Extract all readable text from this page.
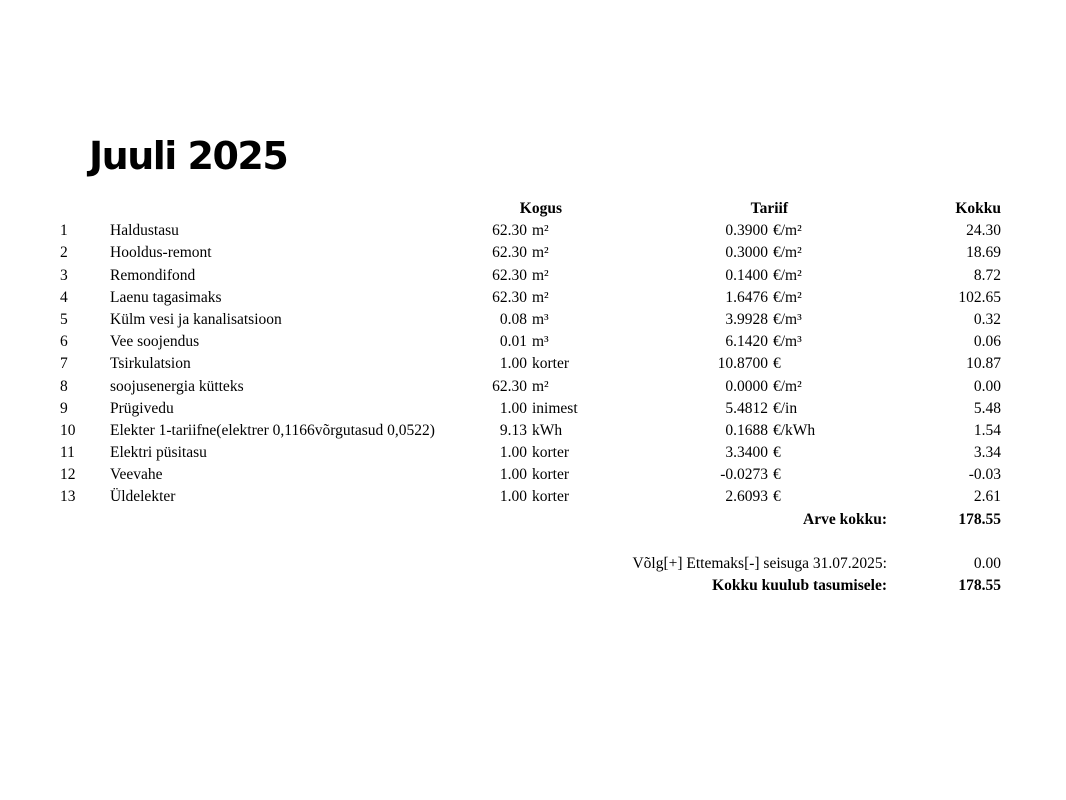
Juuli 2025
Kogus	Tariif	Kokku
1	Haldustasu	62.30 m²	0.3900 €/m²	24.30
2	Hooldus-remont	62.30 m²	0.3000 €/m²	18.69
3	Remondifond	62.30 m²	0.1400 €/m²	8.72
4	Laenu tagasimaks	62.30 m²	1.6476 €/m²	102.65
5	Külm vesi ja kanalisatsioon	0.08 m³	3.9928 €/m³	0.32
6	Vee soojendus	0.01 m³	6.1420 €/m³	0.06
7	Tsirkulatsion	1.00 korter	10.8700 €	10.87
8	soojusenergia kütteks	62.30 m²	0.0000 €/m²	0.00
9	Prügivedu	1.00 inimest	5.4812 €/in	5.48
10 Elekter 1-tariifne(elektrer 0,1166võrgutasud 0,0522)	9.13 kWh	0.1688 €/kWh	1.54
11 Elektri püsitasu	1.00 korter	3.3400 €	3.34
12 Veevahe	1.00 korter	-0.0273 €	-0.03
13 Üldelekter	1.00 korter	2.6093 €	2.61
Arve kokku:	178.55
Võlg[+] Ettemaks[-] seisuga 31.07.2025:	0.00
Kokku kuulub tasumisele:	178.55
